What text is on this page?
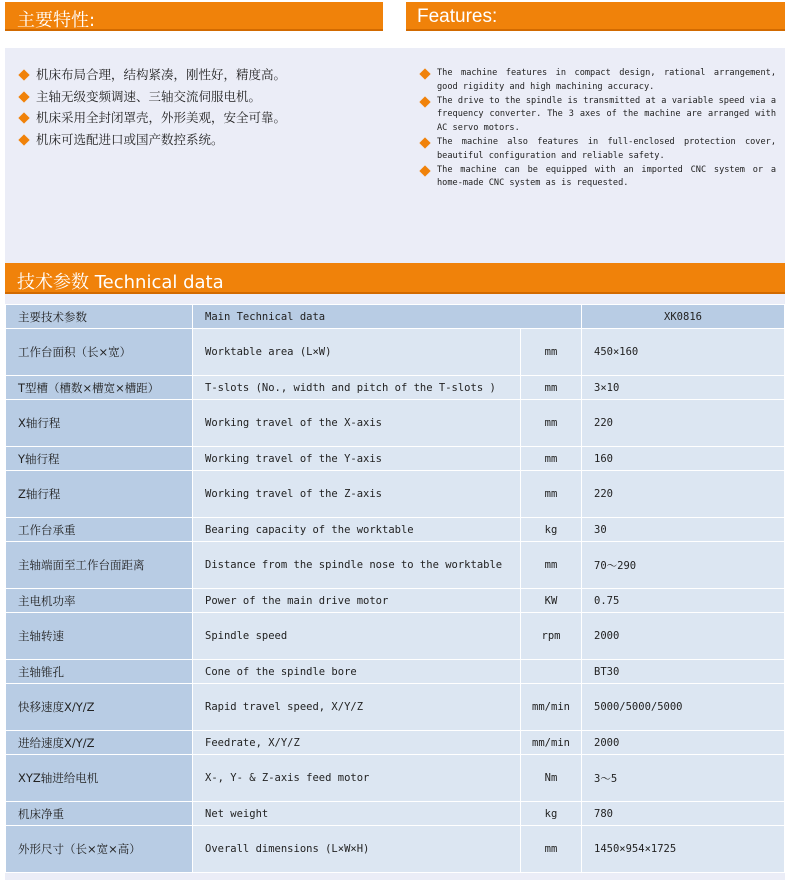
主要特性:	Features:
机床布局合理，结构紧凑，刚性好，精度高。
主轴无级变频调速、三轴交流伺服电机。
机床采用全封闭罩壳，外形美观，安全可靠。
机床可选配进口或国产数控系统。
The machine features in compact design, rational arrangement, good rigidity and high machining accuracy.
The drive to the spindle is transmitted at a variable speed via a frequency converter. The 3 axes of the machine are arranged with AC servo motors.
The machine also features in full-enclosed protection cover, beautiful configuration and reliable safety.
The machine can be equipped with an imported CNC system or a home-made CNC system as is requested.
技术参数 Technical data
主要技术参数	Main Technical data		XK0816
工作台面积（长×宽）	Worktable area (L×W)	mm	450×160
T型槽（槽数×槽宽×槽距）	T-slots (No., width and pitch of the T-slots )	mm	3×10
X轴行程	Working travel of the X-axis	mm	220
Y轴行程	Working travel of the Y-axis	mm	160
Z轴行程	Working travel of the Z-axis	mm	220
工作台承重	Bearing capacity of the worktable	kg	30
主轴端面至工作台面距离	Distance from the spindle nose to the worktable	mm	70～290
主电机功率	Power of the main drive motor	KW	0.75
主轴转速	Spindle speed	rpm	2000
主轴锥孔	Cone of the spindle bore		BT30
快移速度X/Y/Z	Rapid travel speed, X/Y/Z	mm/min	5000/5000/5000
进给速度X/Y/Z	Feedrate, X/Y/Z	mm/min	2000
XYZ轴进给电机	X-, Y- & Z-axis feed motor	Nm	3～5
机床净重	Net weight	kg	780
外形尺寸（长×宽×高）	Overall dimensions (L×W×H)	mm	1450×954×1725
